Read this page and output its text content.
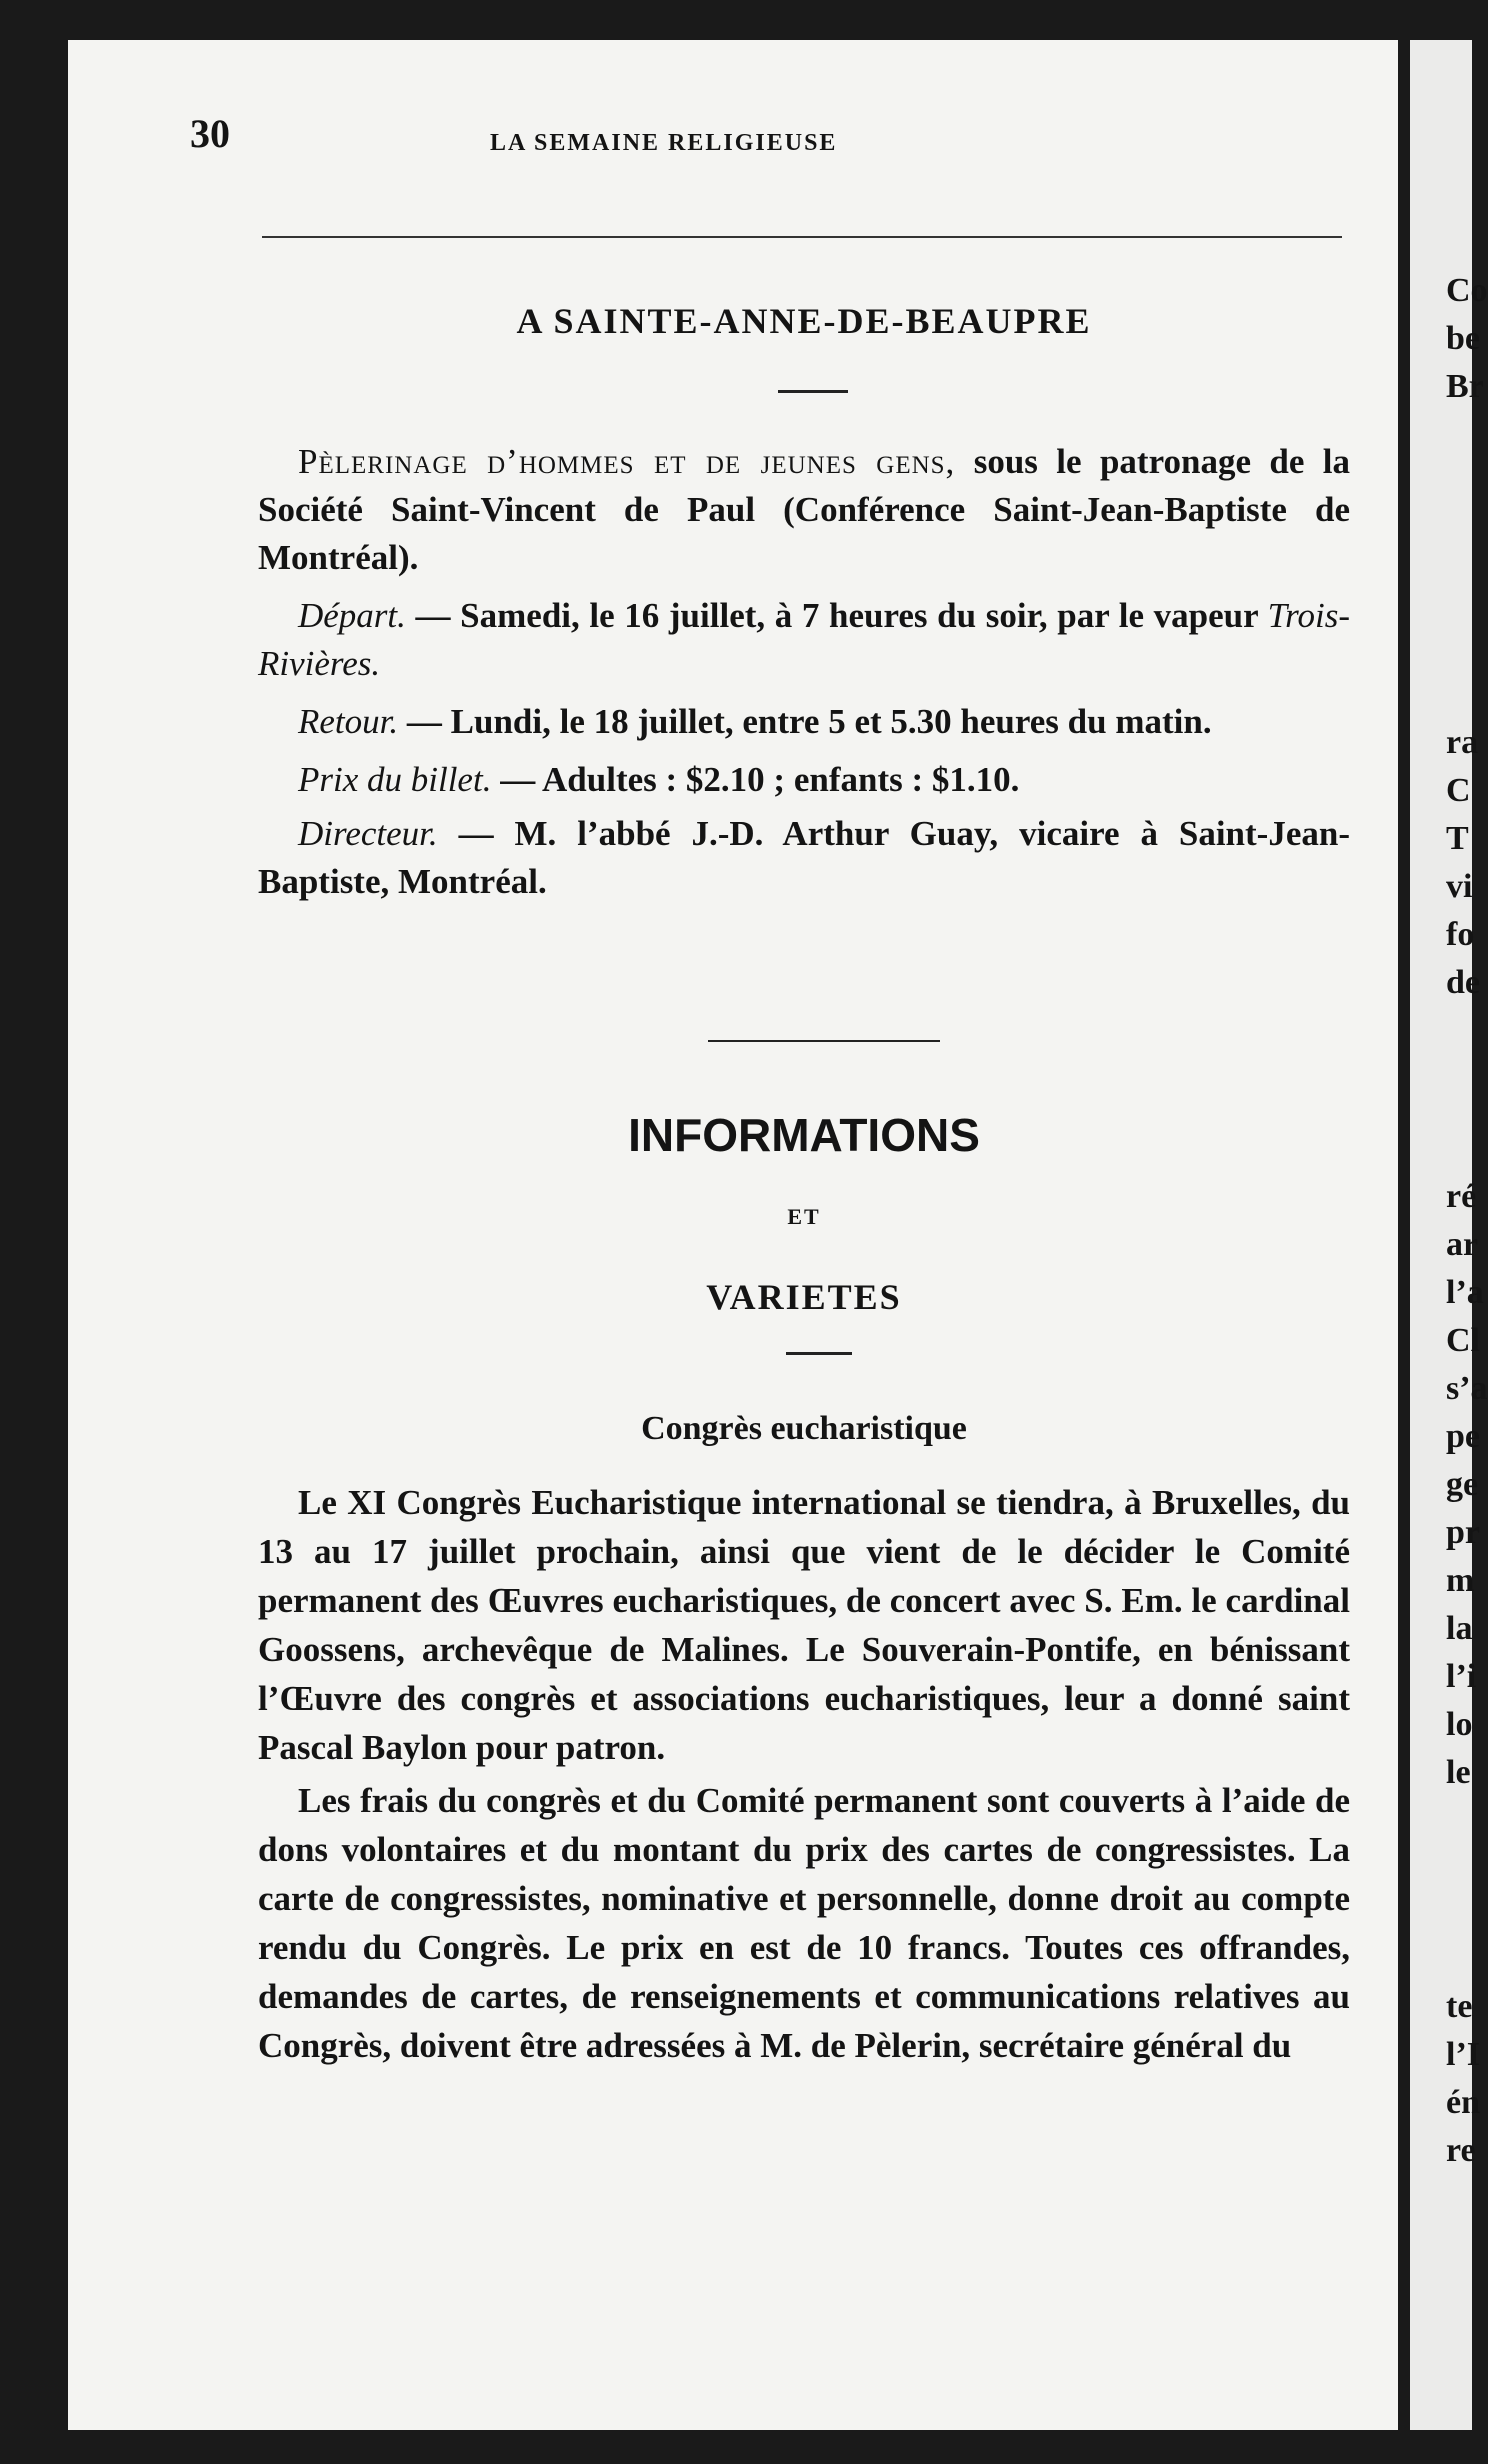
30	LA SEMAINE RELIGIEUSE
Co
be
Br
ra
C
T
vi
fo
de
ré
ar
l’a
Cl
s’a
pe
ge
pr
m
la
l’i
lo
le
te
l’I
én
re
A SAINTE-ANNE-DE-BEAUPRE

Pèlerinage d’hommes et de jeunes gens, sous le patronage de la Société Saint-Vincent de Paul (Conférence Saint-Jean-Baptiste de Montréal).

Départ. — Samedi, le 16 juillet, à 7 heures du soir, par le vapeur Trois-Rivières.

Retour. — Lundi, le 18 juillet, entre 5 et 5.30 heures du matin.

Prix du billet. — Adultes : $2.10 ; enfants : $1.10.

Directeur. — M. l’abbé J.-D. Arthur Guay, vicaire à Saint-Jean-Baptiste, Montréal.

INFORMATIONS
ET
VARIETES
Congrès eucharistique

Le XI Congrès Eucharistique international se tiendra, à Bruxelles, du 13 au 17 juillet prochain, ainsi que vient de le décider le Comité permanent des Œuvres eucharistiques, de concert avec S. Em. le cardinal Goossens, archevêque de Malines. Le Souverain-Pontife, en bénissant l’Œuvre des congrès et associations eucharistiques, leur a donné saint Pascal Baylon pour patron.

Les frais du congrès et du Comité permanent sont couverts à l’aide de dons volontaires et du montant du prix des cartes de congressistes. La carte de congressistes, nominative et personnelle, donne droit au compte rendu du Congrès. Le prix en est de 10 francs. Toutes ces offrandes, demandes de cartes, de renseignements et communications relatives au Congrès, doivent être adressées à M. de Pèlerin, secrétaire général du
